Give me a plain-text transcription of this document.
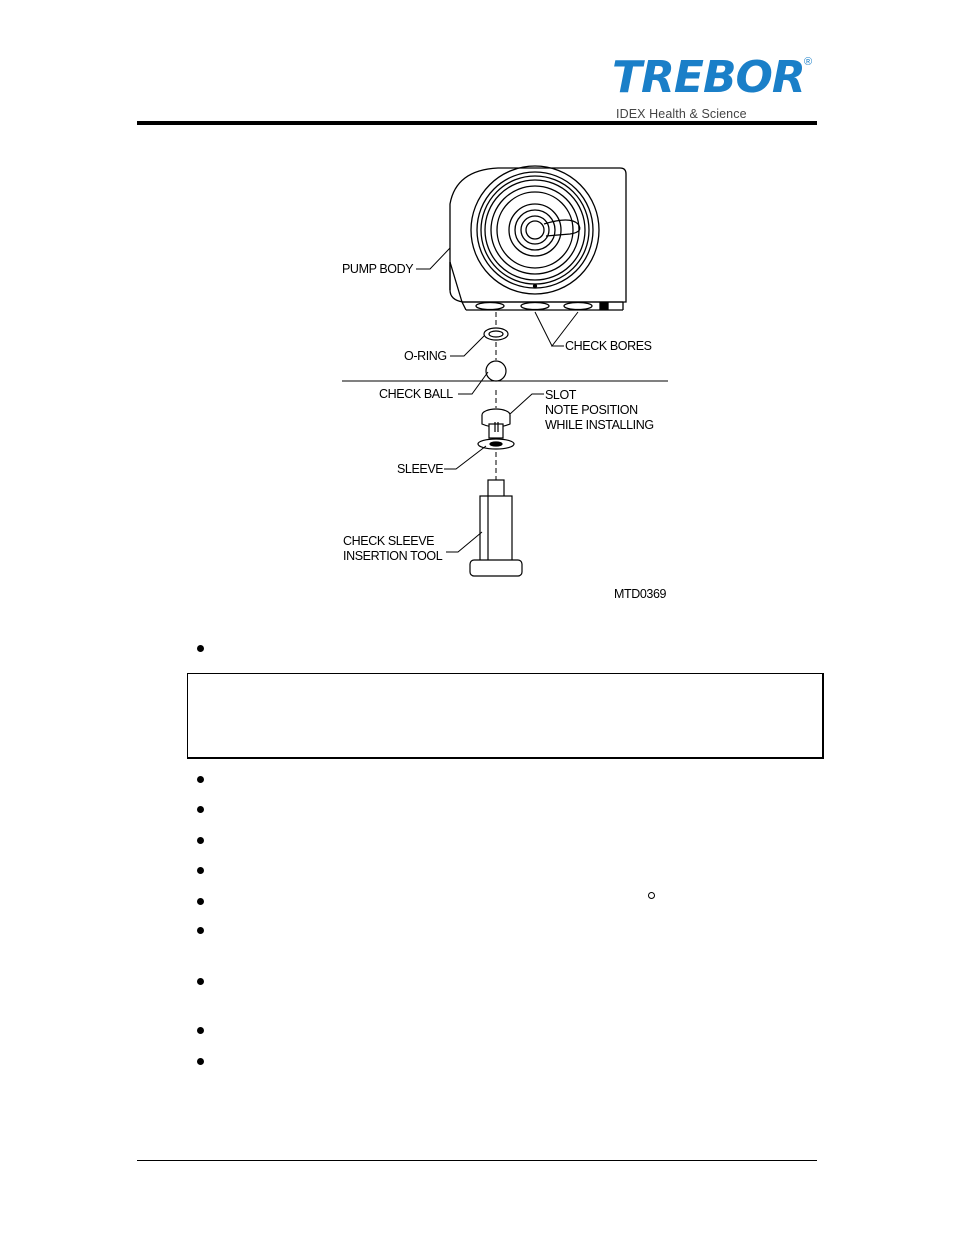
TREBOR ®
IDEX Health & Science
PUMP BODY
O-RING
CHECK BORES
CHECK BALL	SLOT
NOTE POSITION
WHILE INSTALLING
SLEEVE
CHECK SLEEVE
INSERTION TOOL
MTD0369
